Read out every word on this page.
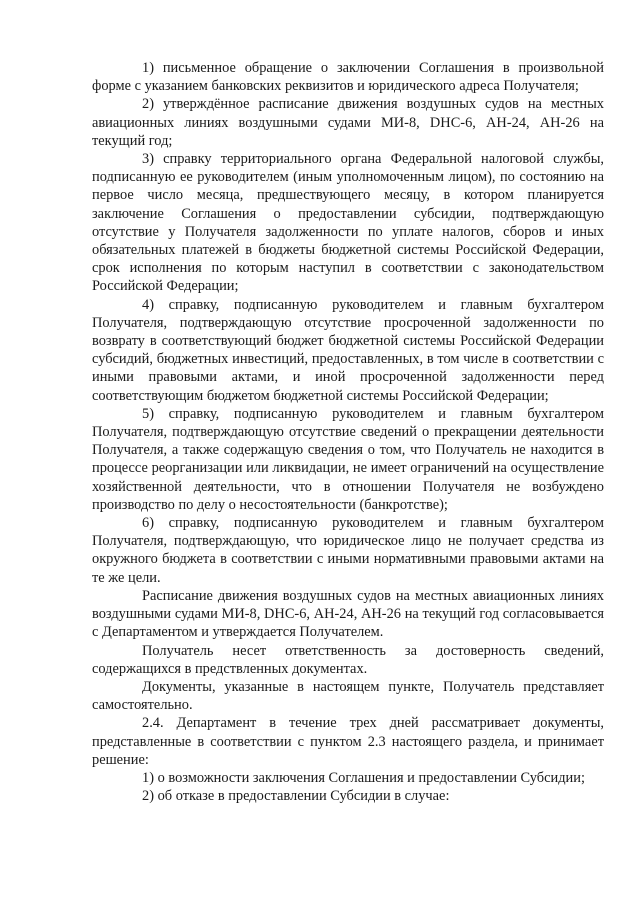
1) письменное обращение о заключении Соглашения в произвольной форме с указанием банковских реквизитов и юридического адреса Получателя;

2) утверждённое расписание движения воздушных судов на местных авиационных линиях воздушными судами МИ-8, DHC-6, АН-24, АН-26 на текущий год;

3) справку территориального органа Федеральной налоговой службы, подписанную ее руководителем (иным уполномоченным лицом), по состоянию на первое число месяца, предшествующего месяцу, в котором планируется заключение Соглашения о предоставлении субсидии, подтверждающую отсутствие у Получателя задолженности по уплате налогов, сборов и иных обязательных платежей в бюджеты бюджетной системы Российской Федерации, срок исполнения по которым наступил в соответствии с законодательством Российской Федерации;

4) справку, подписанную руководителем и главным бухгалтером Получателя, подтверждающую отсутствие просроченной задолженности по возврату в соответствующий бюджет бюджетной системы Российской Федерации субсидий, бюджетных инвестиций, предоставленных, в том числе в соответствии с иными правовыми актами, и иной просроченной задолженности перед соответствующим бюджетом бюджетной системы Российской Федерации;

5) справку, подписанную руководителем и главным бухгалтером Получателя, подтверждающую отсутствие сведений о прекращении деятельности Получателя, а также содержащую сведения о том, что Получатель не находится в процессе реорганизации или ликвидации, не имеет ограничений на осуществление хозяйственной деятельности, что в отношении Получателя не возбуждено производство по делу о несостоятельности (банкротстве);

6) справку, подписанную руководителем и главным бухгалтером Получателя, подтверждающую, что юридическое лицо не получает средства из окружного бюджета в соответствии с иными нормативными правовыми актами на те же цели.

Расписание движения воздушных судов на местных авиационных линиях воздушными судами МИ-8, DHC-6, АН-24, АН-26 на текущий год согласовывается с Департаментом и утверждается Получателем.

Получатель несет ответственность за достоверность сведений, содержащихся в предствленных документах.

Документы, указанные в настоящем пункте, Получатель представляет самостоятельно.

2.4. Департамент в течение трех дней рассматривает документы, представленные в соответствии с пунктом 2.3 настоящего раздела, и принимает решение:

1) о возможности заключения Соглашения и предоставлении Субсидии;

2) об отказе в предоставлении Субсидии в случае:
